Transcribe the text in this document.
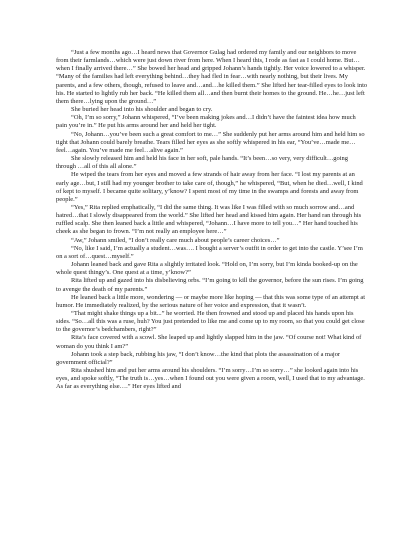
“Just a few months ago…I heard news that Governor Gulag had ordered my family and our neighbors to move from their farmlands…which were just down river from here. When I heard this, I rode as fast as I could home. But…when I finally arrived there…” She bowed her head and gripped Johann’s hands tightly. Her voice lowered to a whisper. “Many of the families had left everything behind…they had fled in fear…with nearly nothing, but their lives. My parents, and a few others, though, refused to leave and…and…he killed them.” She lifted her tear-filled eyes to look into his. He started to lightly rub her back. “He killed them all…and then burnt their homes to the ground. He…he…just left them there…lying upon the ground…”

She buried her head into his shoulder and began to cry.

“Oh, I’m so sorry,” Johann whispered, “I’ve been making jokes and…I didn’t have the faintest idea how much pain you’re in.” He put his arms around her and held her tight.

“No, Johann…you’ve been such a great comfort to me…” She suddenly put her arms around him and held him so tight that Johann could barely breathe. Tears filled her eyes as she softly whispered in his ear, “You’ve…made me…feel…again. You’ve made me feel…alive again.”

She slowly released him and held his face in her soft, pale hands. “It’s been…so very, very difficult…going through …all of this all alone.”

He wiped the tears from her eyes and moved a few strands of hair away from her face. “I lost my parents at an early age…but, I still had my younger brother to take care of, though,” he whispered, “But, when he died…well, I kind of kept to myself. I became quite solitary, y’know? I spent most of my time in the swamps and forests and away from people.”

“Yes,” Rita replied emphatically, “I did the same thing. It was like I was filled with so much sorrow and…and hatred…that I slowly disappeared from the world.” She lifted her head and kissed him again. Her hand ran through his ruffled scalp. She then leaned back a little and whispered, “Johann…I have more to tell you…” Her hand touched his cheek as she began to frown. “I’m not really an employee here…”

“Aw,” Johann smiled, “I don’t really care much about people’s career choices…”

“No, like I said, I’m actually a student…was…. I bought a server’s outfit in order to get into the castle. Y’see I’m on a sort of…quest…myself.”

Johann leaned back and gave Rita a slightly irritated look. “Hold on, I’m sorry, but I’m kinda booked-up on the whole quest thingy’s. One quest at a time, y’know?”

Rita lifted up and gazed into his disbelieving orbs. “I’m going to kill the governor, before the sun rises. I’m going to avenge the death of my parents.”

He leaned back a little more, wondering — or maybe more like hoping — that this was some type of an attempt at humor. He immediately realized, by the serious nature of her voice and expression, that it wasn’t.

“That might shake things up a bit...” he worried. He then frowned and stood up and placed his hands upon his sides. “So…all this was a ruse, huh? You just pretended to like me and come up to my room, so that you could get close to the governor’s bedchambers, right?”

Rita’s face covered with a scowl. She leaped up and lightly slapped him in the jaw. “Of course not! What kind of woman do you think I am?”

Johann took a step back, rubbing his jaw, “I don’t know…the kind that plots the assassination of a major government official?”

Rita shushed him and put her arms around his shoulders. “I’m sorry…I’m so sorry…” she looked again into his eyes, and spoke softly, “The truth is…yes…when I found out you were given a room, well, I used that to my advantage. As far as everything else….” Her eyes lifted and
